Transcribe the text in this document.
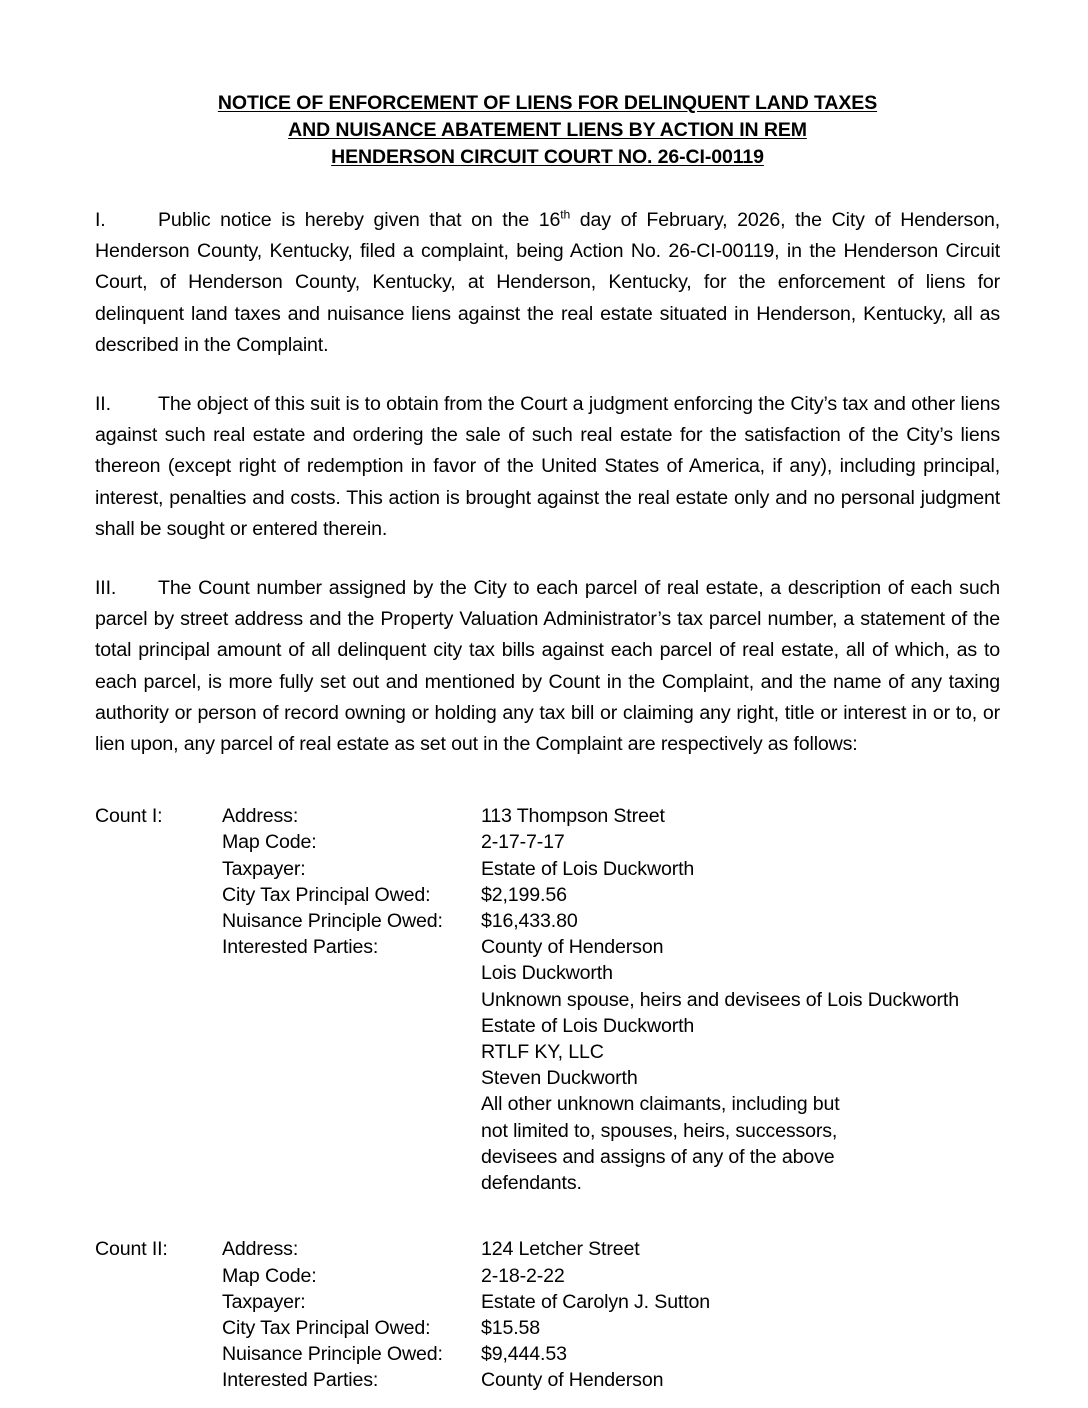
NOTICE OF ENFORCEMENT OF LIENS FOR DELINQUENT LAND TAXES
AND NUISANCE ABATEMENT LIENS BY ACTION IN REM
HENDERSON CIRCUIT COURT NO. 26-CI-00119

I.	Public notice is hereby given that on the 16th day of February, 2026, the City of Henderson, Henderson County, Kentucky, filed a complaint, being Action No. 26-CI-00119, in the Henderson Circuit Court, of Henderson County, Kentucky, at Henderson, Kentucky, for the enforcement of liens for delinquent land taxes and nuisance liens against the real estate situated in Henderson, Kentucky, all as described in the Complaint.

II. The object of this suit is to obtain from the Court a judgment enforcing the City’s tax and other liens against such real estate and ordering the sale of such real estate for the satisfaction of the City’s liens thereon (except right of redemption in favor of the United States of America, if any), including principal, interest, penalties and costs. This action is brought against the real estate only and no personal judgment shall be sought or entered therein.

III. The Count number assigned by the City to each parcel of real estate, a description of each such parcel by street address and the Property Valuation Administrator’s tax parcel number, a statement of the total principal amount of all delinquent city tax bills against each parcel of real estate, all of which, as to each parcel, is more fully set out and mentioned by Count in the Complaint, and the name of any taxing authority or person of record owning or holding any tax bill or claiming any right, title or interest in or to, or lien upon, any parcel of real estate as set out in the Complaint are respectively as follows:

Count I:	Address:	113 Thompson Street
Map Code:	2-17-7-17
Taxpayer:	Estate of Lois Duckworth
City Tax Principal Owed:	$2,199.56
Nuisance Principle Owed:	$16,433.80
Interested Parties:	County of Henderson
Lois Duckworth
Unknown spouse, heirs and devisees of Lois Duckworth
Estate of Lois Duckworth
RTLF KY, LLC
Steven Duckworth
All other unknown claimants, including but
not limited to, spouses, heirs, successors,
devisees and assigns of any of the above
defendants.
Count II:	Address:	124 Letcher Street
Map Code:	2-18-2-22
Taxpayer:	Estate of Carolyn J. Sutton
City Tax Principal Owed:	$15.58
Nuisance Principle Owed:	$9,444.53
Interested Parties:	County of Henderson
